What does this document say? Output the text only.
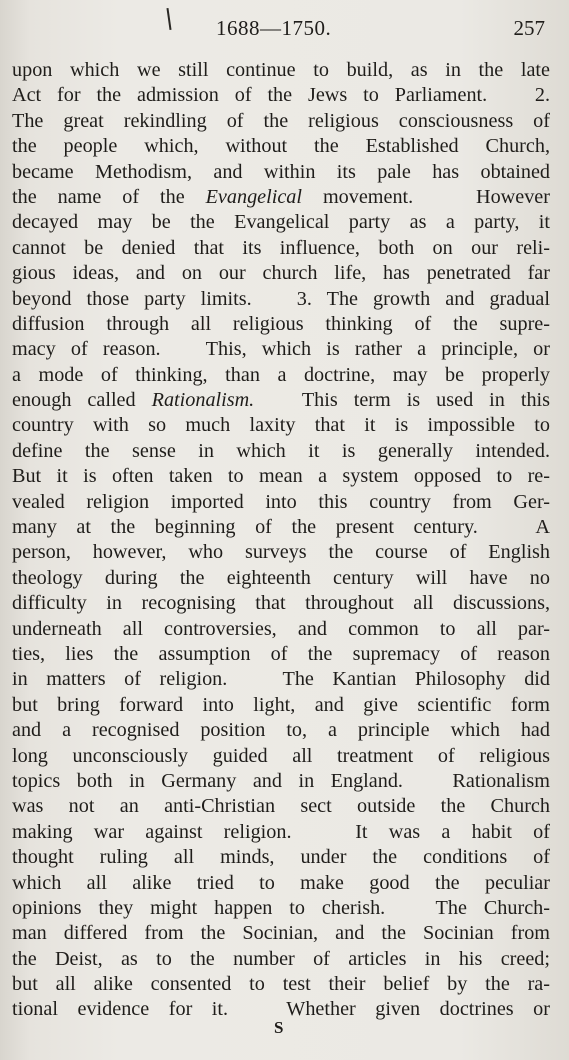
1688—1750.	257
upon which we still continue to build, as in the late
Act for the admission of the Jews to Parliament.   2.
The great rekindling of the religious consciousness of
the people which, without the Established Church,
became Methodism, and within its pale has obtained
the name of the Evangelical movement.   However
decayed may be the Evangelical party as a party, it
cannot be denied that its influence, both on our reli-
gious ideas, and on our church life, has penetrated far
beyond those party limits.   3. The growth and gradual
diffusion through all religious thinking of the supre-
macy of reason.   This, which is rather a principle, or
a mode of thinking, than a doctrine, may be properly
enough called Rationalism.   This term is used in this
country with so much laxity that it is impossible to
define the sense in which it is generally intended.
But it is often taken to mean a system opposed to re-
vealed religion imported into this country from Ger-
many at the beginning of the present century.   A
person, however, who surveys the course of English
theology during the eighteenth century will have no
difficulty in recognising that throughout all discussions,
underneath all controversies, and common to all par-
ties, lies the assumption of the supremacy of reason
in matters of religion.   The Kantian Philosophy did
but bring forward into light, and give scientific form
and a recognised position to, a principle which had
long unconsciously guided all treatment of religious
topics both in Germany and in England.   Rationalism
was not an anti-Christian sect outside the Church
making war against religion.   It was a habit of
thought ruling all minds, under the conditions of
which all alike tried to make good the peculiar
opinions they might happen to cherish.   The Church-
man differed from the Socinian, and the Socinian from
the Deist, as to the number of articles in his creed;
but all alike consented to test their belief by the ra-
tional evidence for it.   Whether given doctrines or
S
